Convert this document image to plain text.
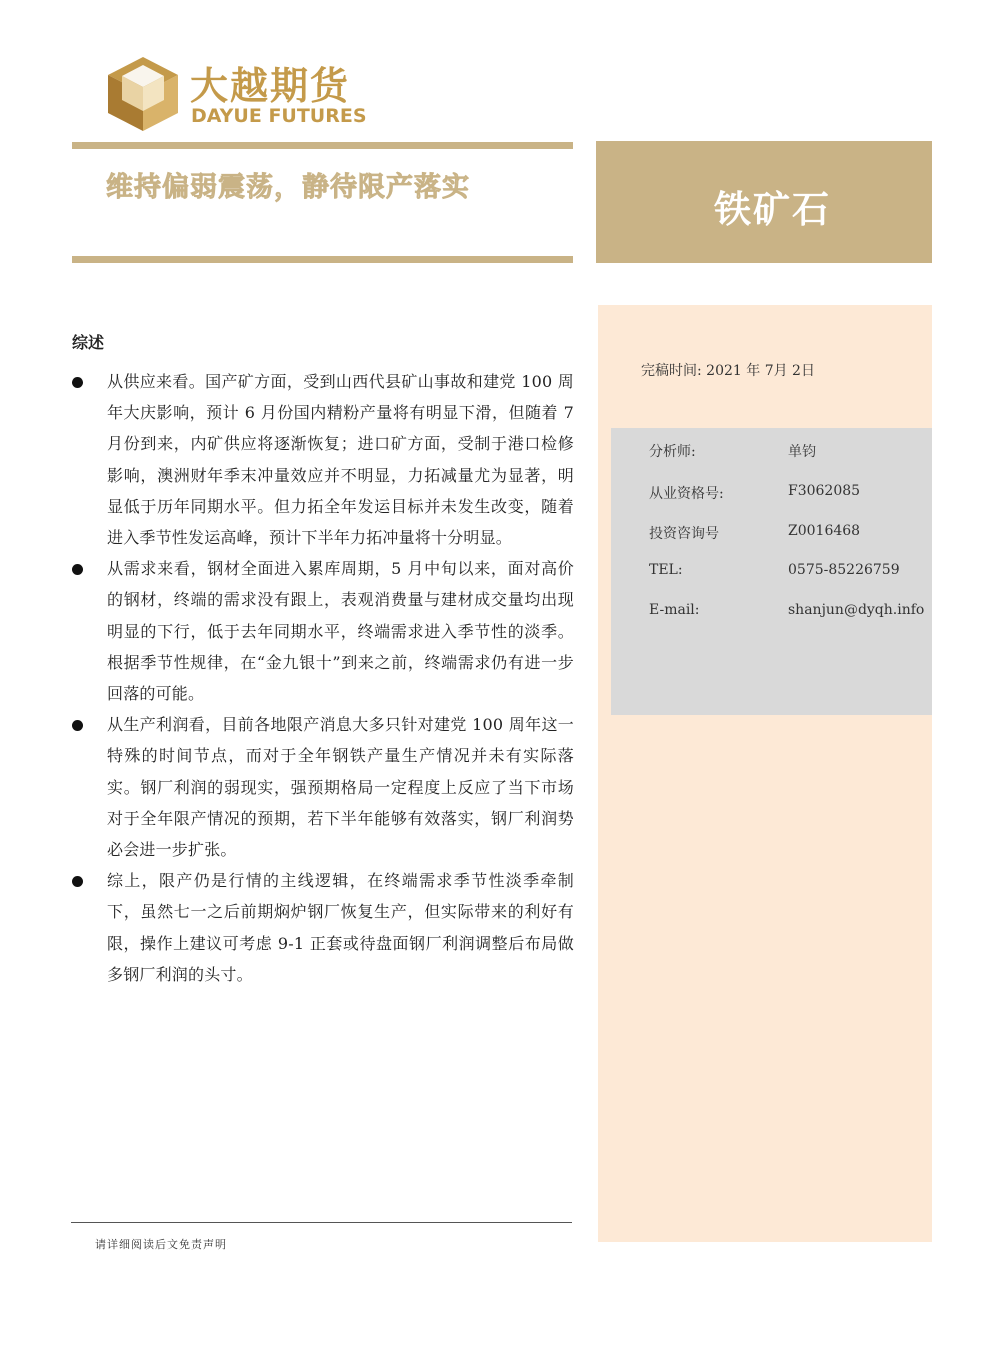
大越期货
DAYUE FUTURES
维持偏弱震荡，静待限产落实
铁矿石
完稿时间: 2021 年 7月 2日
分析师:	单钧
从业资格号:	F3062085
投资咨询号	Z0016468
TEL:	0575-85226759
E-mail:	shanjun@dyqh.info
综述
从供应来看。国产矿方面，受到山西代县矿山事故和建党 100 周年大庆影响，预计 6 月份国内精粉产量将有明显下滑，但随着 7 月份到来，内矿供应将逐渐恢复；进口矿方面，受制于港口检修影响，澳洲财年季末冲量效应并不明显，力拓减量尤为显著，明显低于历年同期水平。但力拓全年发运目标并未发生改变，随着进入季节性发运高峰，预计下半年力拓冲量将十分明显。
从需求来看，钢材全面进入累库周期，5 月中旬以来，面对高价的钢材，终端的需求没有跟上，表观消费量与建材成交量均出现明显的下行，低于去年同期水平，终端需求进入季节性的淡季。根据季节性规律，在“金九银十”到来之前，终端需求仍有进一步回落的可能。
从生产利润看，目前各地限产消息大多只针对建党 100 周年这一特殊的时间节点，而对于全年钢铁产量生产情况并未有实际落实。钢厂利润的弱现实，强预期格局一定程度上反应了当下市场对于全年限产情况的预期，若下半年能够有效落实，钢厂利润势必会进一步扩张。
综上，限产仍是行情的主线逻辑，在终端需求季节性淡季牵制下，虽然七一之后前期焖炉钢厂恢复生产，但实际带来的利好有限，操作上建议可考虑 9-1 正套或待盘面钢厂利润调整后布局做多钢厂利润的头寸。
请详细阅读后文免责声明
